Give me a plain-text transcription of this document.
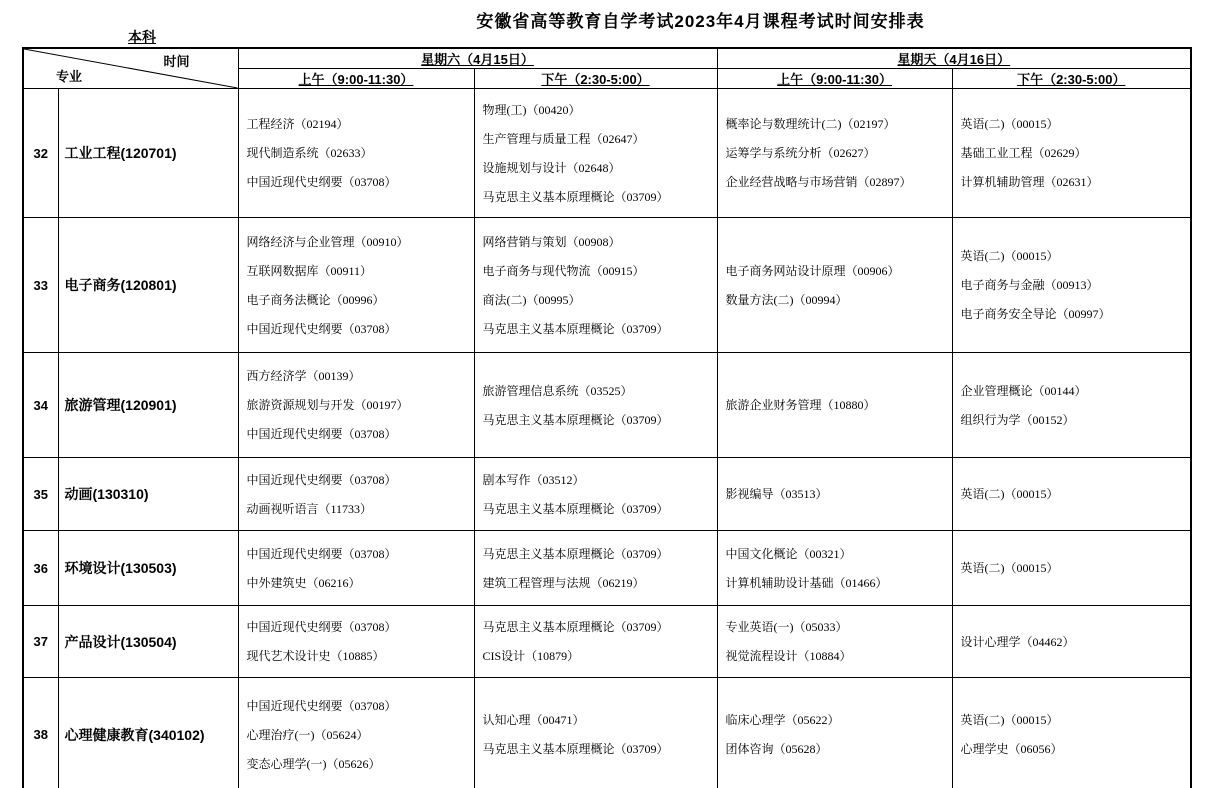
安徽省高等教育自学考试2023年4月课程考试时间安排表
本科
时间
专业		星期六（4月15日）		星期天（4月16日）	
		上午（9:00-11:30）	下午（2:30-5:00）	上午（9:00-11:30）	下午（2:30-5:00）
32	工业工程(120701)	
工程经济（02194）
现代制造系统（02633）
中国近现代史纲要（03708）

物理(工)（00420）
生产管理与质量工程（02647）
设施规划与设计（02648）
马克思主义基本原理概论（03709）

概率论与数理统计(二)（02197）
运筹学与系统分析（02627）
企业经营战略与市场营销（02897）

英语(二)（00015）
基础工业工程（02629）
计算机辅助管理（02631）

33	电子商务(120801)	
网络经济与企业管理（00910）
互联网数据库（00911）
电子商务法概论（00996）
中国近现代史纲要（03708）

网络营销与策划（00908）
电子商务与现代物流（00915）
商法(二)（00995）
马克思主义基本原理概论（03709）

电子商务网站设计原理（00906）
数量方法(二)（00994）

英语(二)（00015）
电子商务与金融（00913）
电子商务安全导论（00997）

34	旅游管理(120901)	
西方经济学（00139）
旅游资源规划与开发（00197）
中国近现代史纲要（03708）

旅游管理信息系统（03525）
马克思主义基本原理概论（03709）

旅游企业财务管理（10880）

企业管理概论（00144）
组织行为学（00152）

35	动画(130310)	
中国近现代史纲要（03708）
动画视听语言（11733）

剧本写作（03512）
马克思主义基本原理概论（03709）

影视编导（03513）	英语(二)（00015）

36	环境设计(130503)	
中国近现代史纲要（03708）
中外建筑史（06216）

马克思主义基本原理概论（03709）
建筑工程管理与法规（06219）

中国文化概论（00321）
计算机辅助设计基础（01466）

英语(二)（00015）

37	产品设计(130504)	
中国近现代史纲要（03708）
现代艺术设计史（10885）

马克思主义基本原理概论（03709）
CIS设计（10879）

专业英语(一)（05033）
视觉流程设计（10884）

设计心理学（04462）

38	心理健康教育(340102)	
中国近现代史纲要（03708）
心理治疗(一)（05624）
变态心理学(一)（05626）

认知心理（00471）
马克思主义基本原理概论（03709）

临床心理学（05622）
团体咨询（05628）

英语(二)（00015）
心理学史（06056）
